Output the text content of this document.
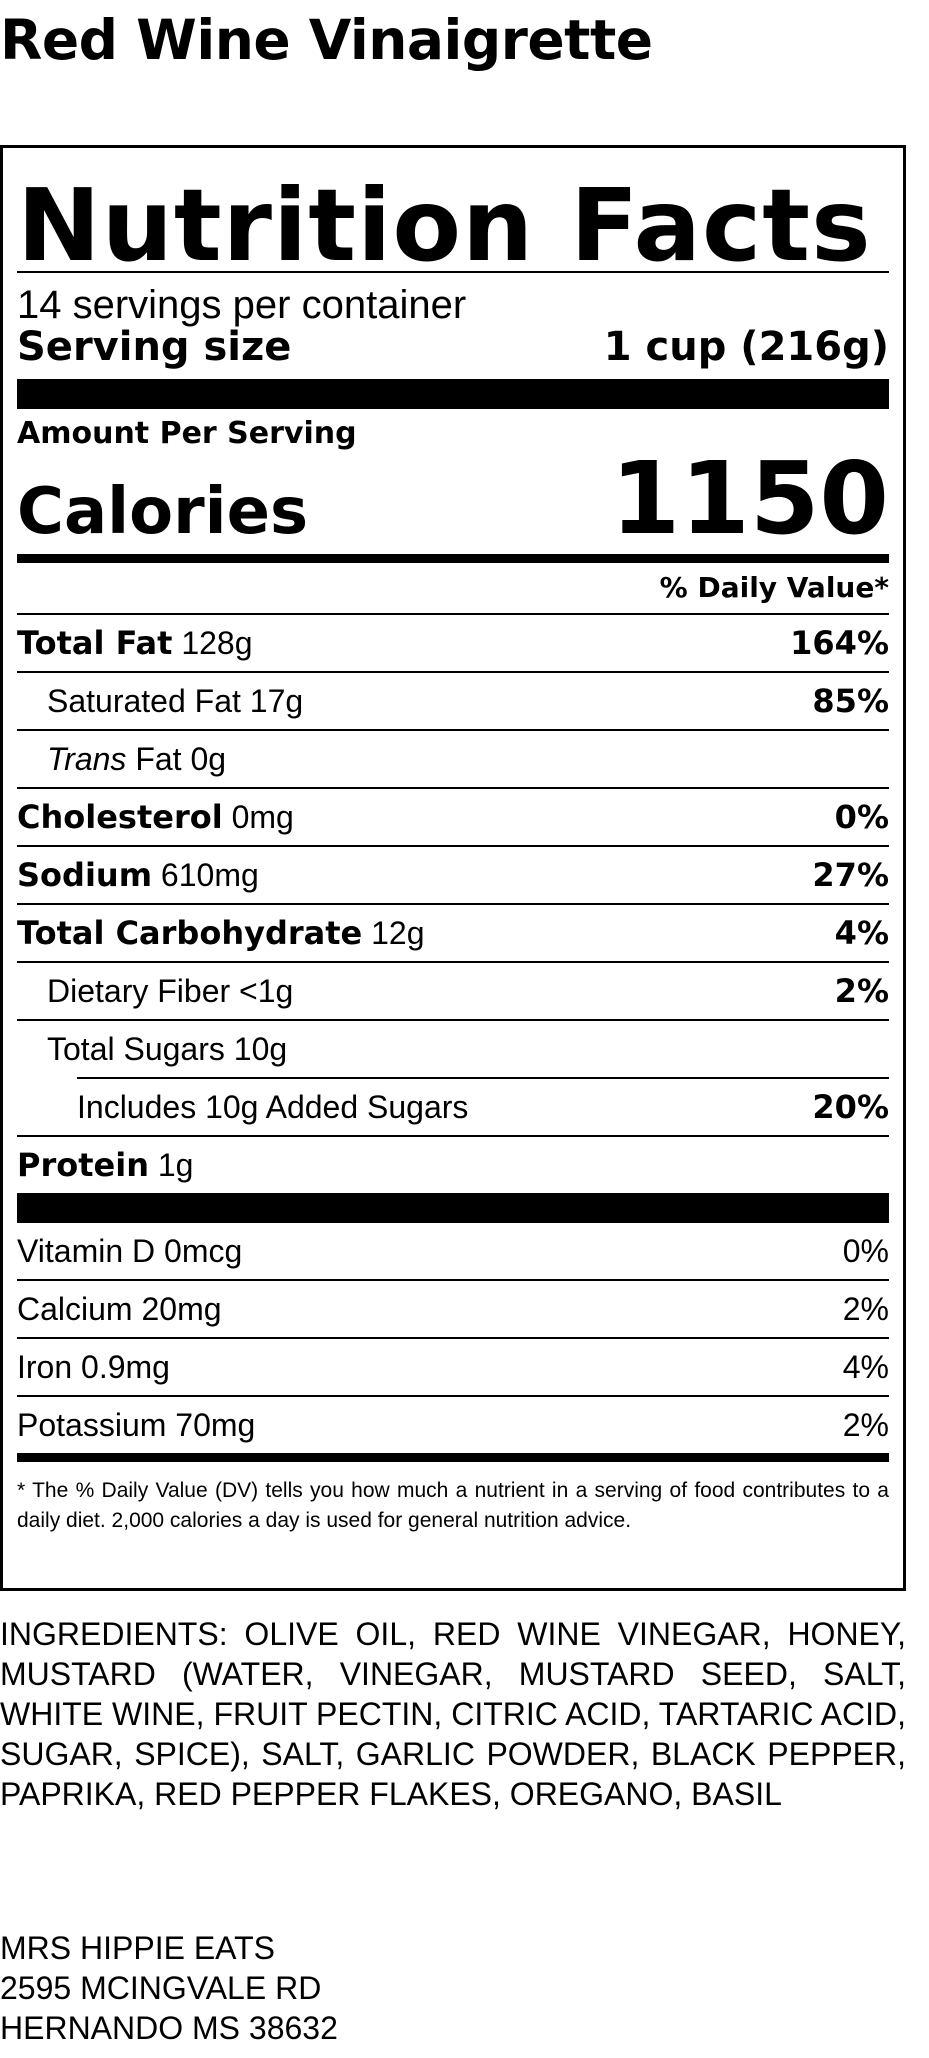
Red Wine Vinaigrette
Nutrition Facts
14 servings per container
Serving size	1 cup (216g)
Amount Per Serving
Calories	1150
% Daily Value*
Total Fat 128g	164%
Saturated Fat 17g	85%
Trans Fat 0g
Cholesterol 0mg	0%
Sodium 610mg	27%
Total Carbohydrate 12g	4%
Dietary Fiber <1g	2%
Total Sugars 10g
Includes 10g Added Sugars	20%
Protein 1g
Vitamin D 0mcg	0%
Calcium 20mg	2%
Iron 0.9mg	4%
Potassium 70mg	2%
* The % Daily Value (DV) tells you how much a nutrient in a serving of food contributes to a daily diet. 2,000 calories a day is used for general nutrition advice.
INGREDIENTS: OLIVE OIL, RED WINE VINEGAR, HONEY, MUSTARD (WATER, VINEGAR, MUSTARD SEED, SALT, WHITE WINE, FRUIT PECTIN, CITRIC ACID, TARTARIC ACID, SUGAR, SPICE), SALT, GARLIC POWDER, BLACK PEPPER, PAPRIKA, RED PEPPER FLAKES, OREGANO, BASIL
MRS HIPPIE EATS
2595 MCINGVALE RD
HERNANDO MS 38632
